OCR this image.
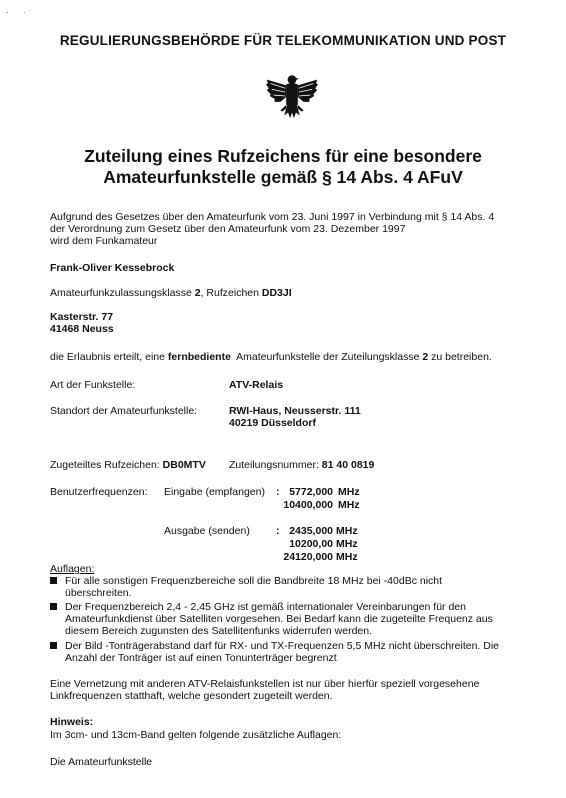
· ·
REGULIERUNGSBEHÖRDE FÜR TELEKOMMUNIKATION UND POST
Zuteilung eines Rufzeichens für eine besondere
Amateurfunkstelle gemäß § 14 Abs. 4 AFuV
Aufgrund des Gesetzes über den Amateurfunk vom 23. Juni 1997 in Verbindung mit § 14 Abs. 4
der Verordnung zum Gesetz über den Amateurfunk vom 23. Dezember 1997
wird dem Funkamateur
Frank-Oliver Kessebrock
Amateurfunkzulassungsklasse 2, Rufzeichen DD3JI
Kasterstr. 77
41468 Neuss
die Erlaubnis erteilt, eine fernbediente  Amateurfunkstelle der Zuteilungsklasse 2 zu betreiben.
Art der Funkstelle:	ATV-Relais
Standort der Amateurfunkstelle:	RWI-Haus, Neusserstr. 111
40219 Düsseldorf
Zugeteiltes Rufzeichen: DB0MTV Zuteilungsnummer: 81 40 0819
Benutzerfrequenzen: Eingabe (empfangen) : 5772,000 MHz
10400,000 MHz
Ausgabe (senden) : 2435,000 MHz
10200,00 MHz
24120,000 MHz
Auflagen:
Für alle sonstigen Frequenzbereiche soll die Bandbreite 18 MHz bei -40dBc nicht
überschreiten.
Der Frequenzbereich 2,4 - 2,45 GHz ist gemäß internationaler Vereinbarungen für den
Amateurfunkdienst über Satelliten vorgesehen. Bei Bedarf kann die zugeteilte Frequenz aus
diesem Bereich zugunsten des Satellitenfunks widerrufen werden.
Der Bild -Tonträgerabstand darf für RX- und TX-Frequenzen 5,5 MHz nicht überschreiten. Die
Anzahl der Tonträger ist auf einen Tonunterträger begrenzt
Eine Vernetzung mit anderen ATV-Relaisfunkstellen ist nur über hierfür speziell vorgesehene
Linkfrequenzen statthaft, welche gesondert zugeteilt werden.
Hinweis:
Im 3cm- und 13cm-Band gelten folgende zusätzliche Auflagen:
Die Amateurfunkstelle
